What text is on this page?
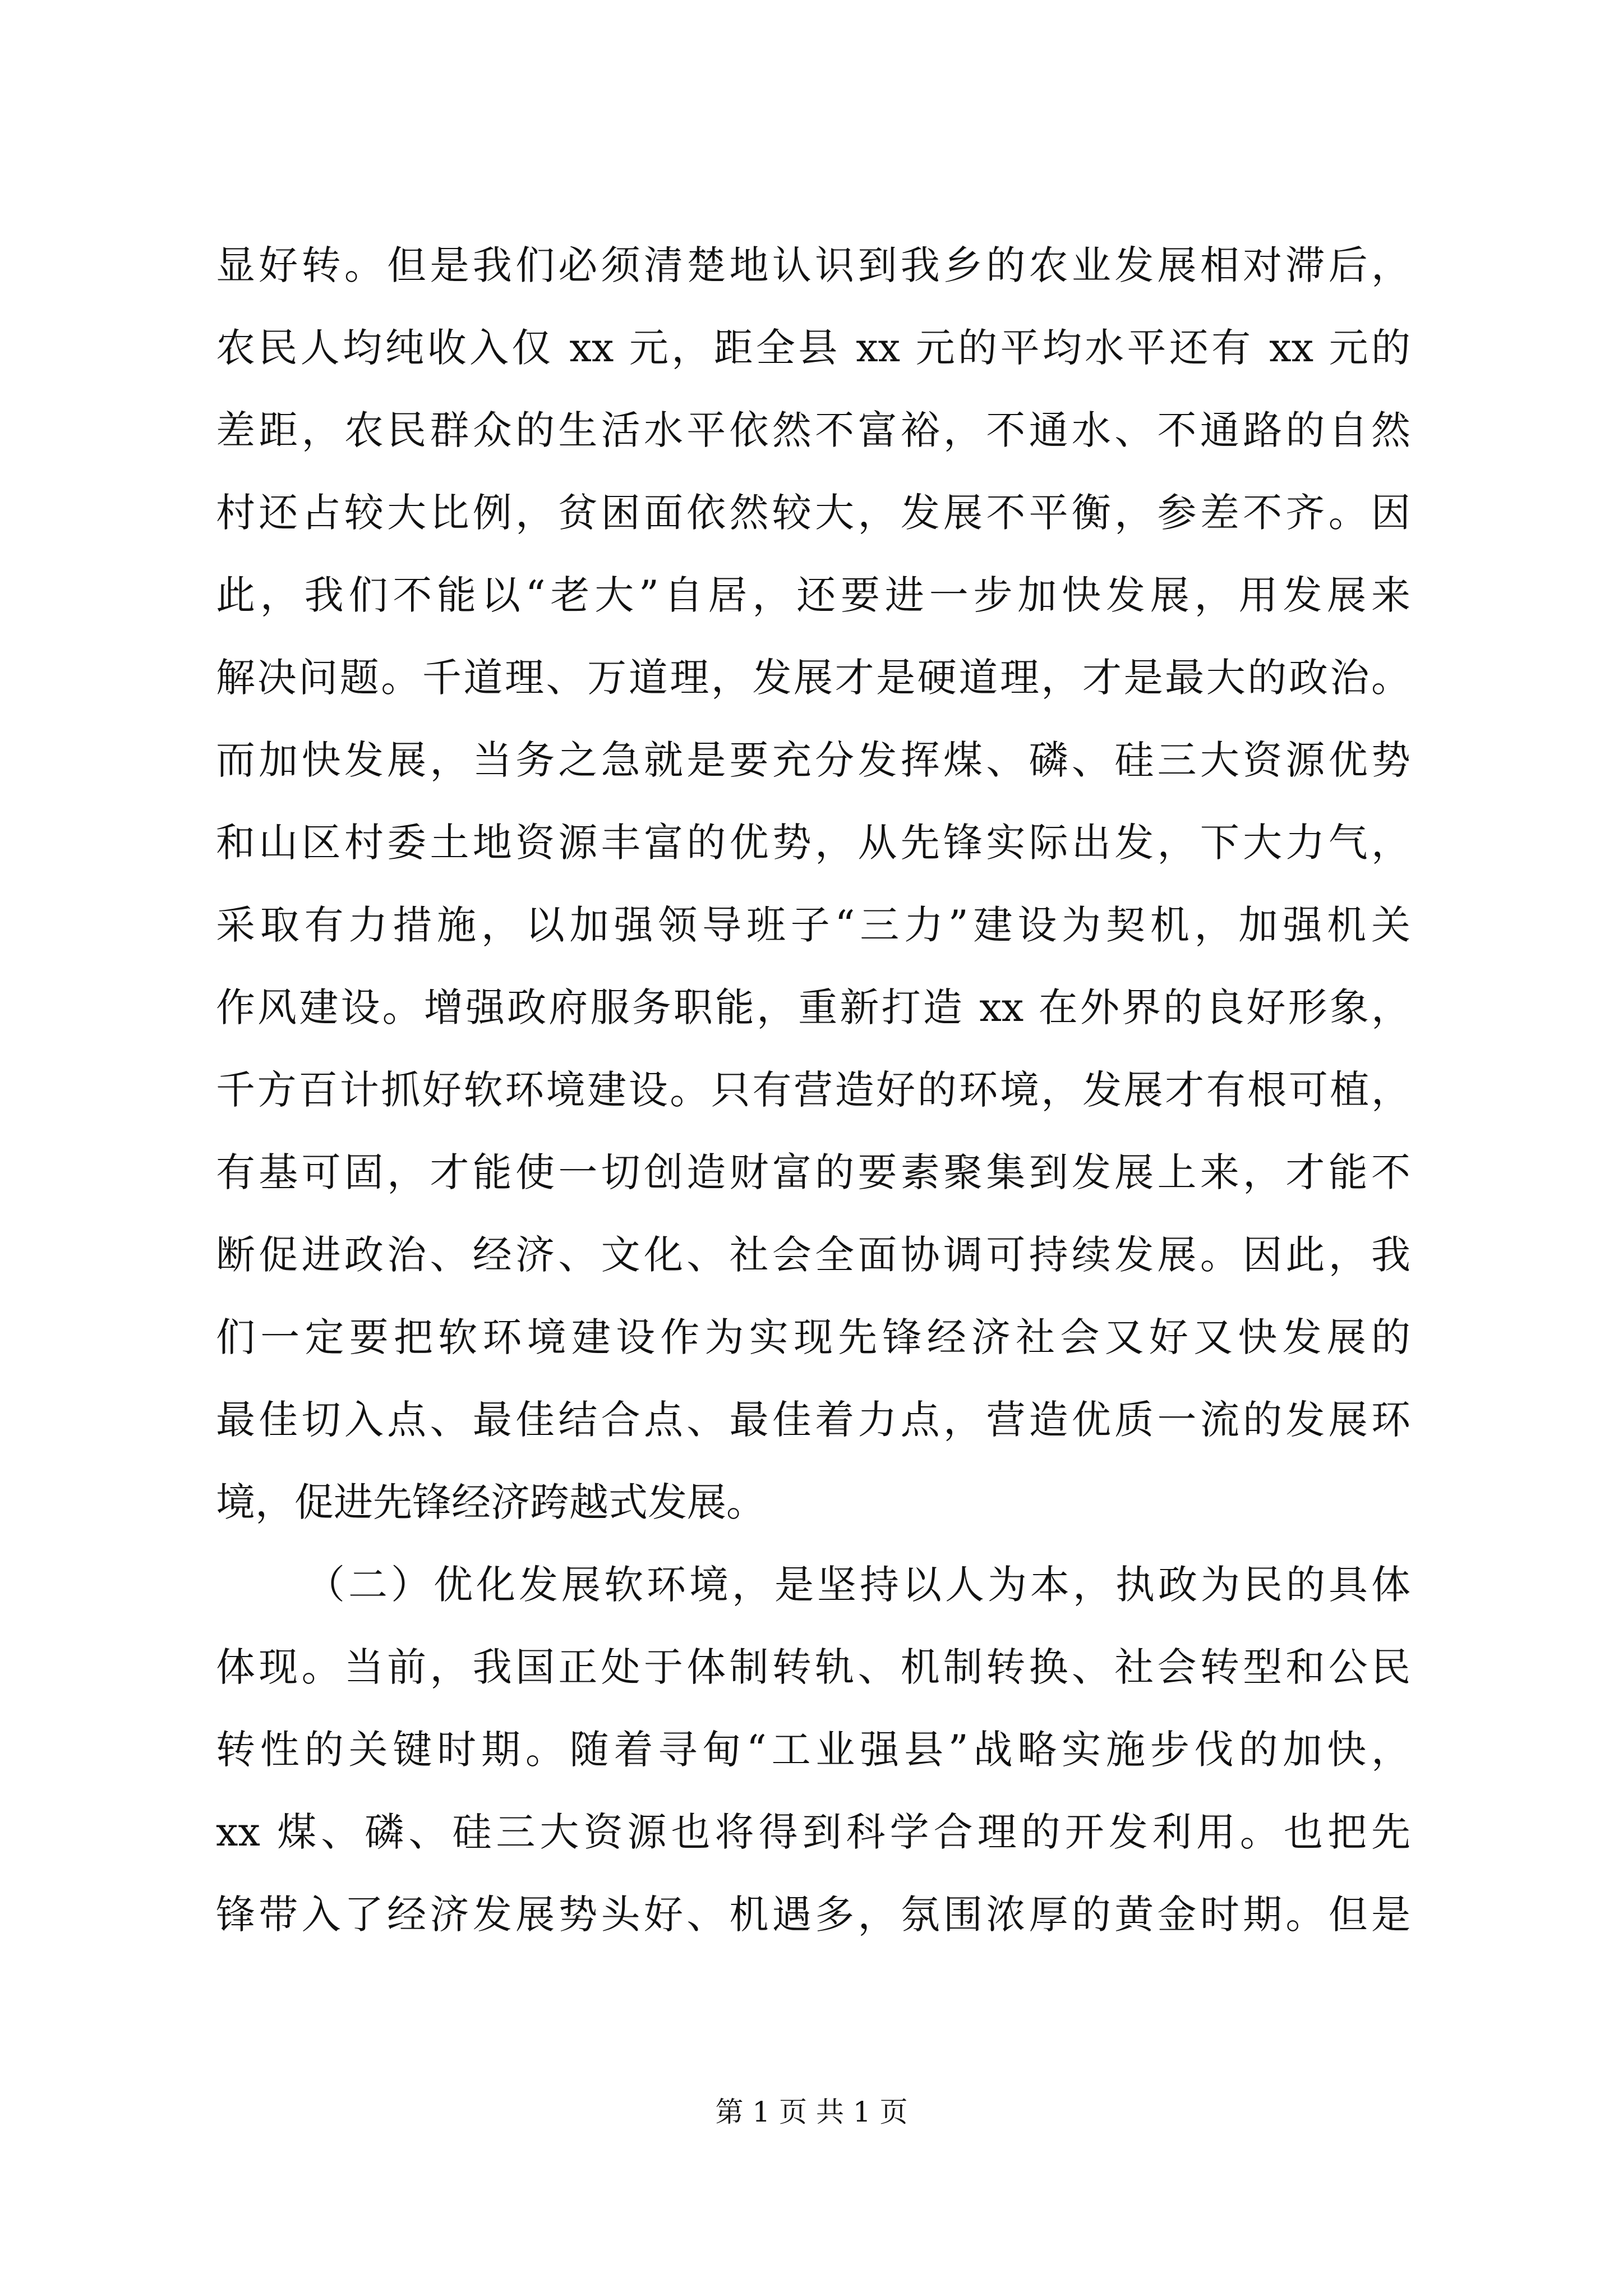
显好转。但是我们必须清楚地认识到我乡的农业发展相对滞后，
农民人均纯收入仅 xx 元，距全县 xx 元的平均水平还有 xx 元的
差距，农民群众的生活水平依然不富裕，不通水、不通路的自然
村还占较大比例，贫困面依然较大，发展不平衡，参差不齐。因
此，我们不能以“老大”自居，还要进一步加快发展，用发展来
解决问题。千道理、万道理，发展才是硬道理，才是最大的政治。
而加快发展，当务之急就是要充分发挥煤、磷、硅三大资源优势
和山区村委土地资源丰富的优势，从先锋实际出发，下大力气，
采取有力措施，以加强领导班子“三力”建设为契机，加强机关
作风建设。增强政府服务职能，重新打造 xx 在外界的良好形象，
千方百计抓好软环境建设。只有营造好的环境，发展才有根可植，
有基可固，才能使一切创造财富的要素聚集到发展上来，才能不
断促进政治、经济、文化、社会全面协调可持续发展。因此，我
们一定要把软环境建设作为实现先锋经济社会又好又快发展的
最佳切入点、最佳结合点、最佳着力点，营造优质一流的发展环
境，促进先锋经济跨越式发展。
（二）优化发展软环境，是坚持以人为本，执政为民的具体
体现。当前，我国正处于体制转轨、机制转换、社会转型和公民
转性的关键时期。随着寻甸“工业强县”战略实施步伐的加快，
xx 煤、磷、硅三大资源也将得到科学合理的开发利用。也把先
锋带入了经济发展势头好、机遇多，氛围浓厚的黄金时期。但是
第 1 页 共 1 页
